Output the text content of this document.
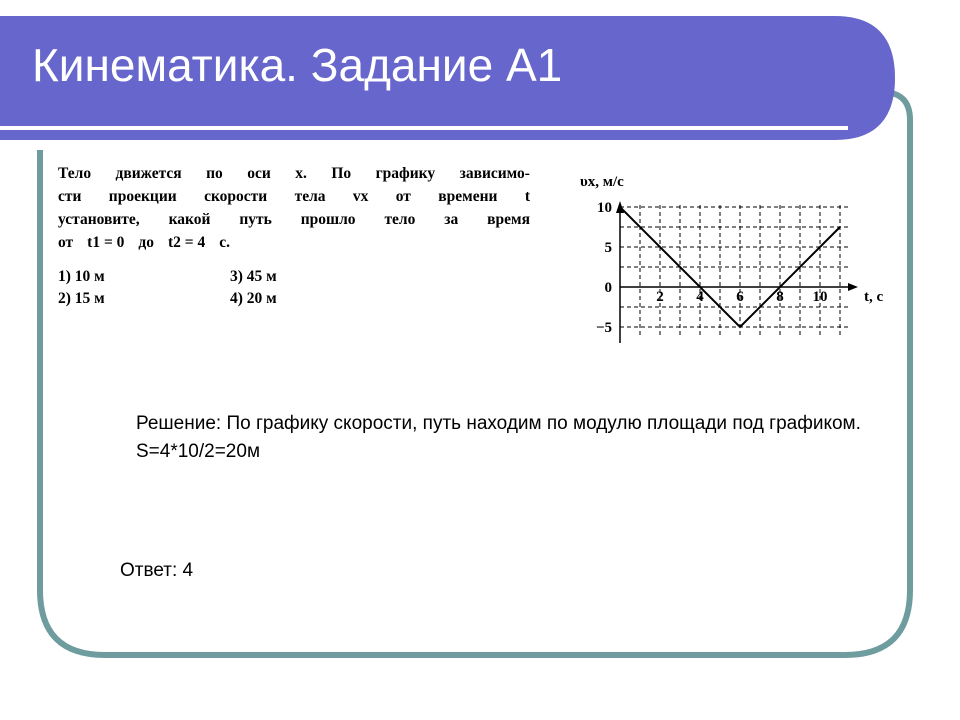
Кинематика. Задание А1
Тело движется по оси x. По графику зависимо-
сти проекции скорости тела vx от времени t
установите, какой путь прошло тело за время
от t1 = 0 до t2 = 4 с.
1) 10 м	3) 45 м
2) 15 м	4) 20 м	2 4 6 8 10
10
5
−5
0
υx, м/с
t, с
Решение: По графику скорости, путь находим по модулю площади под графиком. S=4*10/2=20м
Ответ: 4
